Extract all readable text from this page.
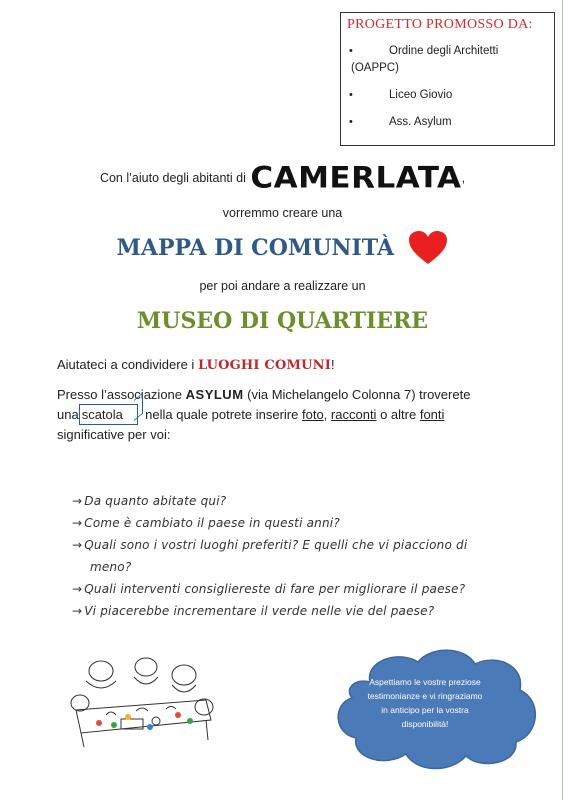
PROGETTO PROMOSSO DA:
•	Ordine degli Architetti
(OAPPC)
•	Liceo Giovio
•	Ass. Asylum
Con l’aiuto degli abitanti di CAMERLATA,
vorremmo creare una
MAPPA DI COMUNITÀ
per poi andare a realizzare un
MUSEO DI QUARTIERE
Aiutateci a condividere i LUOGHI COMUNI!
Presso l’associazione ASYLUM (via Michelangelo Colonna 7) troverete
una scatola nella quale potrete inserire foto, racconti o altre fonti
significative per voi:
→ Da quanto abitate qui?
→ Come è cambiato il paese in questi anni?
→ Quali sono i vostri luoghi preferiti? E quelli che vi piacciono di
meno?
→ Quali interventi consigliereste di fare per migliorare il paese?
→ Vi piacerebbe incrementare il verde nelle vie del paese?
Aspettiamo le vostre preziose
testimonianze e vi ringraziamo
in anticipo per la vostra
disponibilità!
